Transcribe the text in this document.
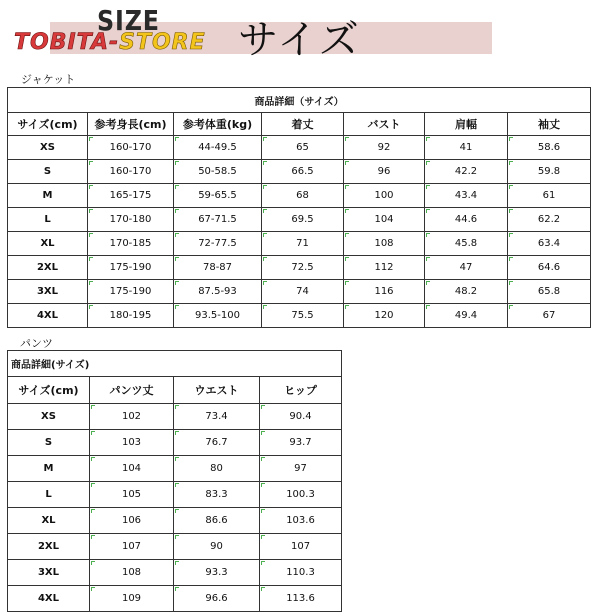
SIZE
TOBITA-STORE サイズ
ジャケット
商品詳細（サイズ）						
サイズ(cm)	参考身長(cm)	参考体重(kg)	着丈	バスト	肩幅	袖丈
XS	160-170	44-49.5	65	92	41	58.6
S	160-170	50-58.5	66.5	96	42.2	59.8
M	165-175	59-65.5	68	100	43.4	61
L	170-180	67-71.5	69.5	104	44.6	62.2
XL	170-185	72-77.5	71	108	45.8	63.4
2XL	175-190	78-87	72.5	112	47	64.6
3XL	175-190	87.5-93	74	116	48.2	65.8
4XL	180-195	93.5-100	75.5	120	49.4	67
パンツ
商品詳細(サイズ)			
サイズ(cm)	パンツ丈	ウエスト	ヒップ
XS	102	73.4	90.4
S	103	76.7	93.7
M	104	80	97
L	105	83.3	100.3
XL	106	86.6	103.6
2XL	107	90	107
3XL	108	93.3	110.3
4XL	109	96.6	113.6
